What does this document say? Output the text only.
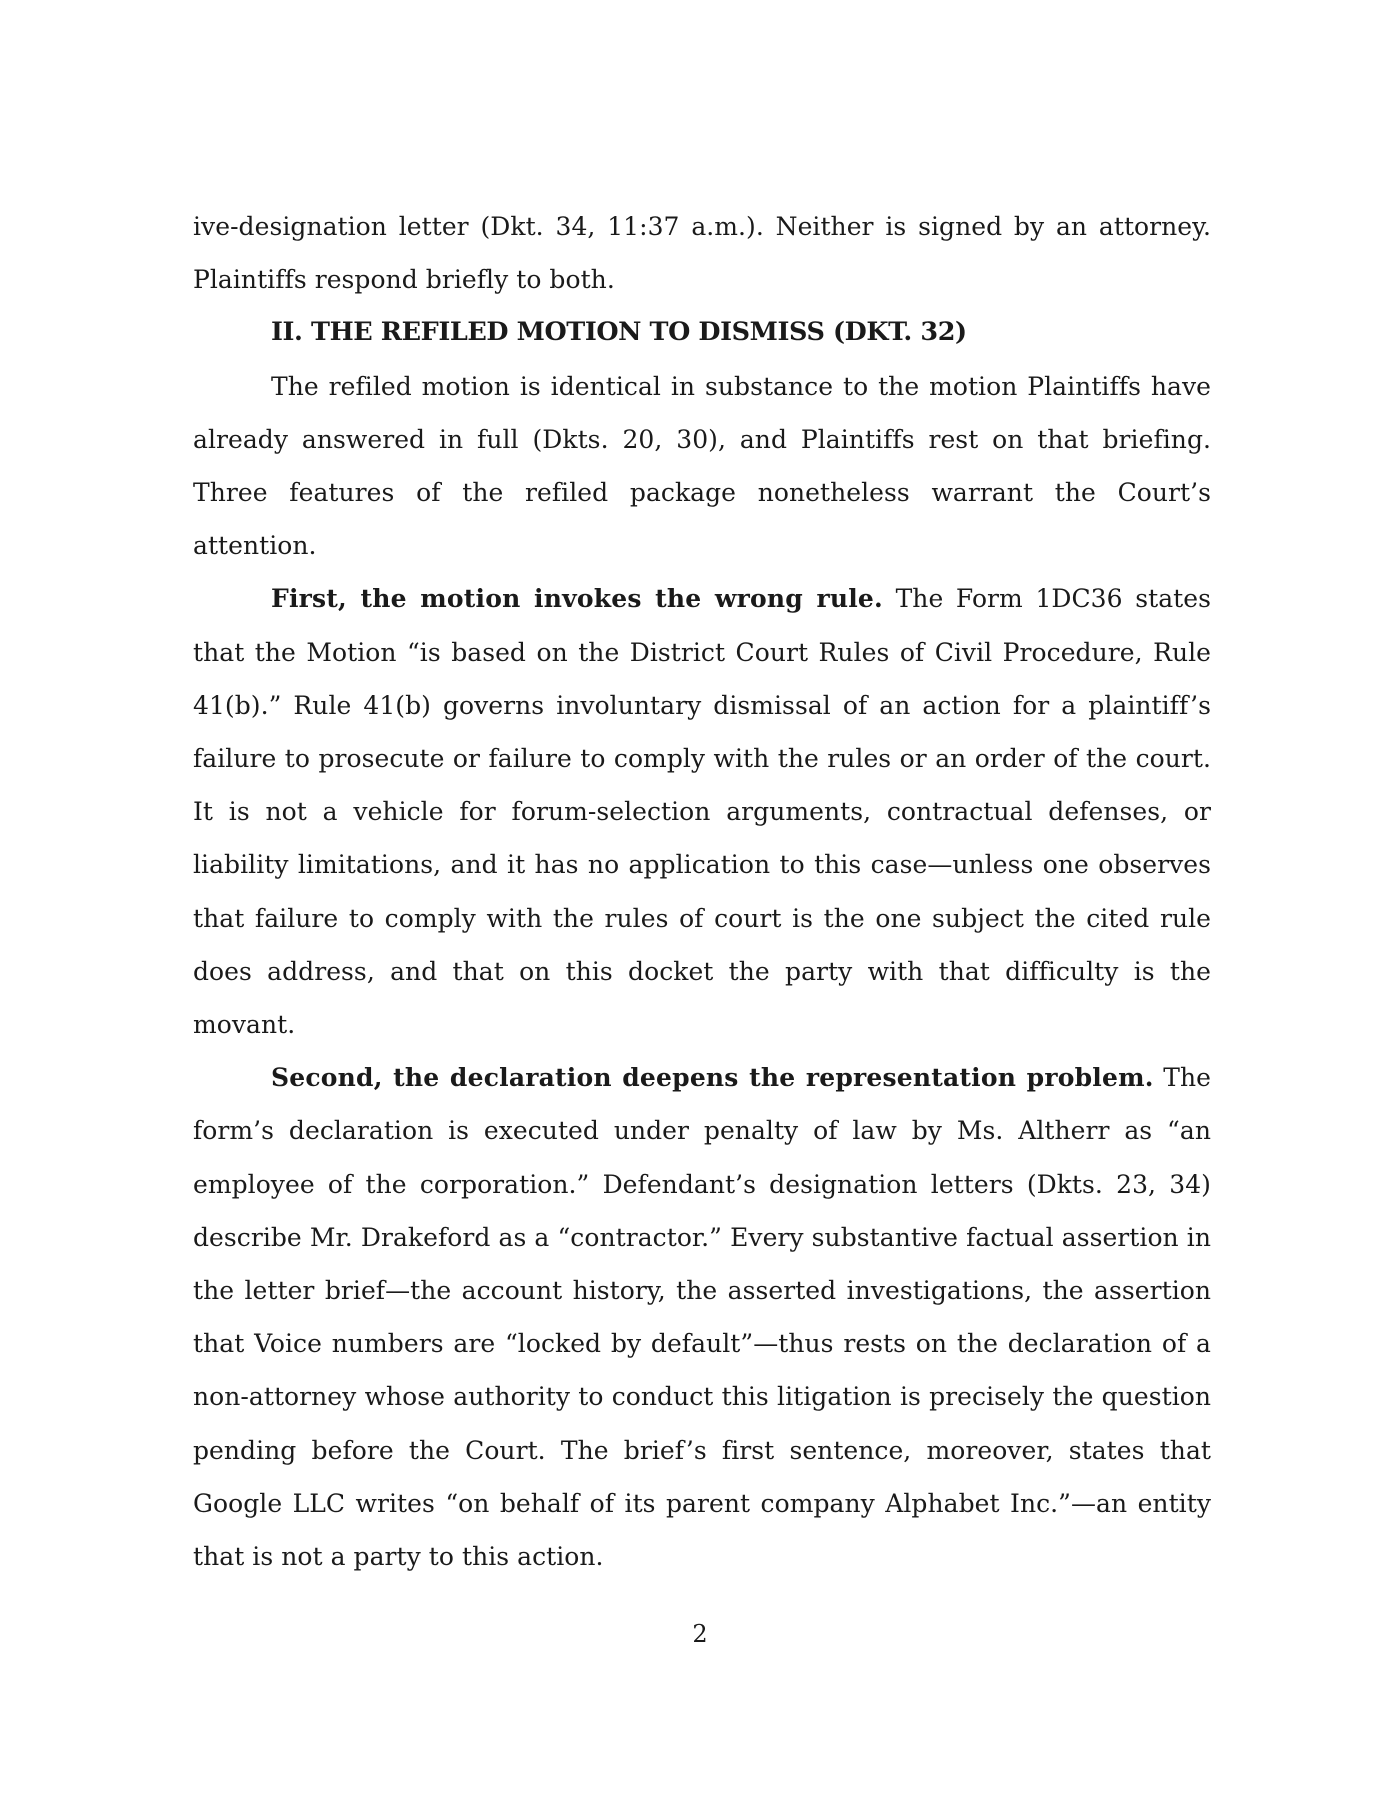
ive-designation letter (Dkt. 34, 11:37 a.m.). Neither is signed by an attorney. Plaintiffs respond briefly to both.

II. THE REFILED MOTION TO DISMISS (DKT. 32)

The refiled motion is identical in substance to the motion Plaintiffs have already answered in full (Dkts. 20, 30), and Plaintiffs rest on that briefing. Three features of the refiled package nonetheless warrant the Court’s attention.

First, the motion invokes the wrong rule. The Form 1DC36 states that the Motion “is based on the District Court Rules of Civil Procedure, Rule 41(b).” Rule 41(b) governs involuntary dismissal of an action for a plaintiff’s failure to prosecute or failure to comply with the rules or an order of the court. It is not a vehicle for forum-selection arguments, contractual defenses, or liability limitations, and it has no application to this case—unless one observes that failure to comply with the rules of court is the one subject the cited rule does address, and that on this docket the party with that difficulty is the movant.

Second, the declaration deepens the representation problem. The form’s declaration is executed under penalty of law by Ms. Altherr as “an employee of the corporation.” Defendant’s designation letters (Dkts. 23, 34) describe Mr. Drakeford as a “contractor.” Every substantive factual assertion in the letter brief—the account history, the asserted investigations, the assertion that Voice numbers are “locked by default”—thus rests on the declaration of a non-attorney whose authority to conduct this litigation is precisely the question pending before the Court. The brief’s first sentence, moreover, states that Google LLC writes “on behalf of its parent company Alphabet Inc.”—an entity that is not a party to this action.

2
